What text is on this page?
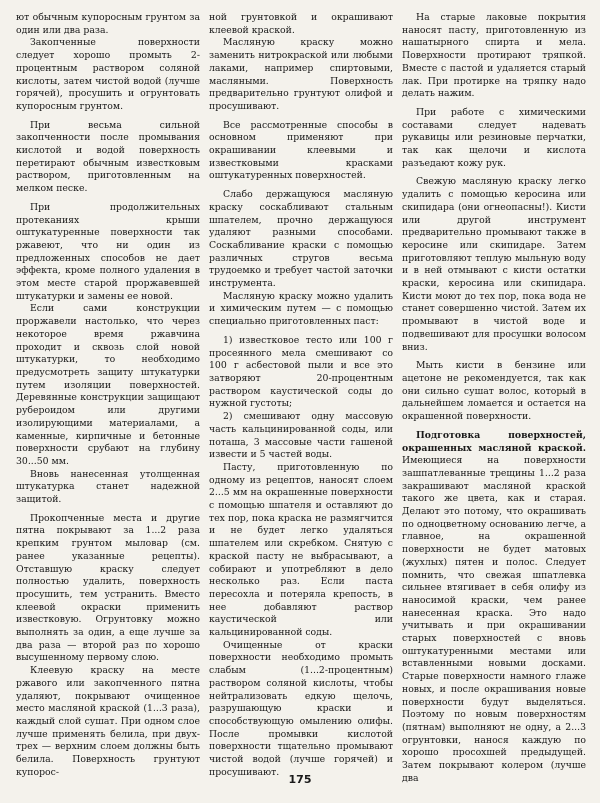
ют обычным купоросным грунтом за один или два раза.

Закопченные поверхности следует хорошо промыть 2-процентным раствором соляной кислоты, затем чистой водой (лучше горячей), просушить и огрунтовать купоросным грунтом.

При весьма сильной закопченности после промывания кислотой и водой поверхность перетирают обычным известковым раствором, приготовленным на мелком песке.

При продолжительных протеканиях крыши оштукатуренные поверхности так ржавеют, что ни один из предложенных способов не дает эффекта, кроме полного удаления в этом месте старой проржавевшей штукатурки и замены ее новой.

Если сами конструкции проржавели настолько, что через некоторое время ржавчина проходит и сквозь слой новой штукатурки, то необходимо предусмотреть защиту штукатурки путем изоляции поверхностей. Деревянные конструкции защищают рубероидом или другими изолирующими материалами, а каменные, кирпичные и бетонные поверхности срубают на глубину 30...50 мм.

Вновь нанесенная утолщенная штукатурка станет надежной защитой.

Прокопченные места и другие пятна покрывают за 1...2 раза крепким грунтом мыловар (см. ранее указанные рецепты). Отставшую краску следует полностью удалить, поверхность просушить, тем устранить. Вместо клеевой окраски применить известковую. Огрунтовку можно выполнять за один, а еще лучше за два раза — второй раз по хорошо высушенному первому слою.

Клеевую краску на месте ржавого или закопченного пятна удаляют, покрывают очищенное место масляной краской (1...3 раза), каждый слой сушат. При одном слое лучше применять белила, при двух-трех — верхним слоем должны быть белила. Поверхность грунтуют купорос-

ной грунтовкой и окрашивают клеевой краской.

Масляную краску можно заменить нитрокраской или любыми лаками, например спиртовыми, масляными. Поверхность предварительно грунтуют олифой и просушивают.

Все рассмотренные способы в основном применяют при окрашивании клеевыми и известковыми красками оштукатуренных поверхностей.

Слабо держащуюся масляную краску соскабливают стальным шпателем, прочно держащуюся удаляют разными способами. Соскабливание краски с помощью различных стругов весьма трудоемко и требует частой заточки инструмента.

Масляную краску можно удалить и химическим путем — с помощью специально приготовленных паст:

1) известковое тесто или 100 г просеянного мела смешивают со 100 г асбестовой пыли и все это затворяют 20-процентным раствором каустической соды до нужной густоты;

2) смешивают одну массовую часть кальцинированной соды, или поташа, 3 массовые части гашеной извести и 5 частей воды.

Пасту, приготовленную по одному из рецептов, наносят слоем 2...5 мм на окрашенные поверхности с помощью шпателя и оставляют до тех пор, пока краска не размягчится и не будет легко удаляться шпателем или скребком. Снятую с краской пасту не выбрасывают, а собирают и употребляют в дело несколько раз. Если паста пересохла и потеряла крепость, в нее добавляют раствор каустической или кальцинированной соды.

Очищенные от краски поверхности необходимо промыть слабым (1...2-процентным) раствором соляной кислоты, чтобы нейтрализовать едкую щелочь, разрушающую краски и способствующую омылению олифы. После промывки кислотой поверхности тщательно промывают чистой водой (лучше горячей) и просушивают.

На старые лаковые покрытия наносят пасту, приготовленную из нашатырного спирта и мела. Поверхности протирают тряпкой. Вместе с пастой и удаляется старый лак. При протирке на тряпку надо делать нажим.

При работе с химическими составами следует надевать рукавицы или резиновые перчатки, так как щелочи и кислота разъедают кожу рук.

Свежую масляную краску легко удалить с помощью керосина или скипидара (они огнеопасны!). Кисти или другой инструмент предварительно промывают также в керосине или скипидаре. Затем приготовляют теплую мыльную воду и в ней отмывают с кисти остатки краски, керосина или скипидара. Кисти моют до тех пор, пока вода не станет совершенно чистой. Затем их промывают в чистой воде и подвешивают для просушки волосом вниз.

Мыть кисти в бензине или ацетоне не рекомендуется, так как они сильно сушат волос, который в дальнейшем ломается и остается на окрашенной поверхности.

Подготовка поверхностей, окрашенных масляной краской. Имеющиеся на поверхности зашпатлеванные трещины 1...2 раза закрашивают масляной краской такого же цвета, как и старая. Делают это потому, что окрашивать по одноцветному основанию легче, а главное, на окрашенной поверхности не будет матовых (жухлых) пятен и полос. Следует помнить, что свежая шпатлевка сильнее втягивает в себя олифу из наносимой краски, чем ранее нанесенная краска. Это надо учитывать и при окрашивании старых поверхностей с вновь оштукатуренными местами или вставленными новыми досками. Старые поверхности намного глаже новых, и после окрашивания новые поверхности будут выделяться. Поэтому по новым поверхностям (пятнам) выполняют не одну, а 2...3 огрунтовки, нанося каждую по хорошо просохшей предыдущей. Затем покрывают колером (лучше два

175
